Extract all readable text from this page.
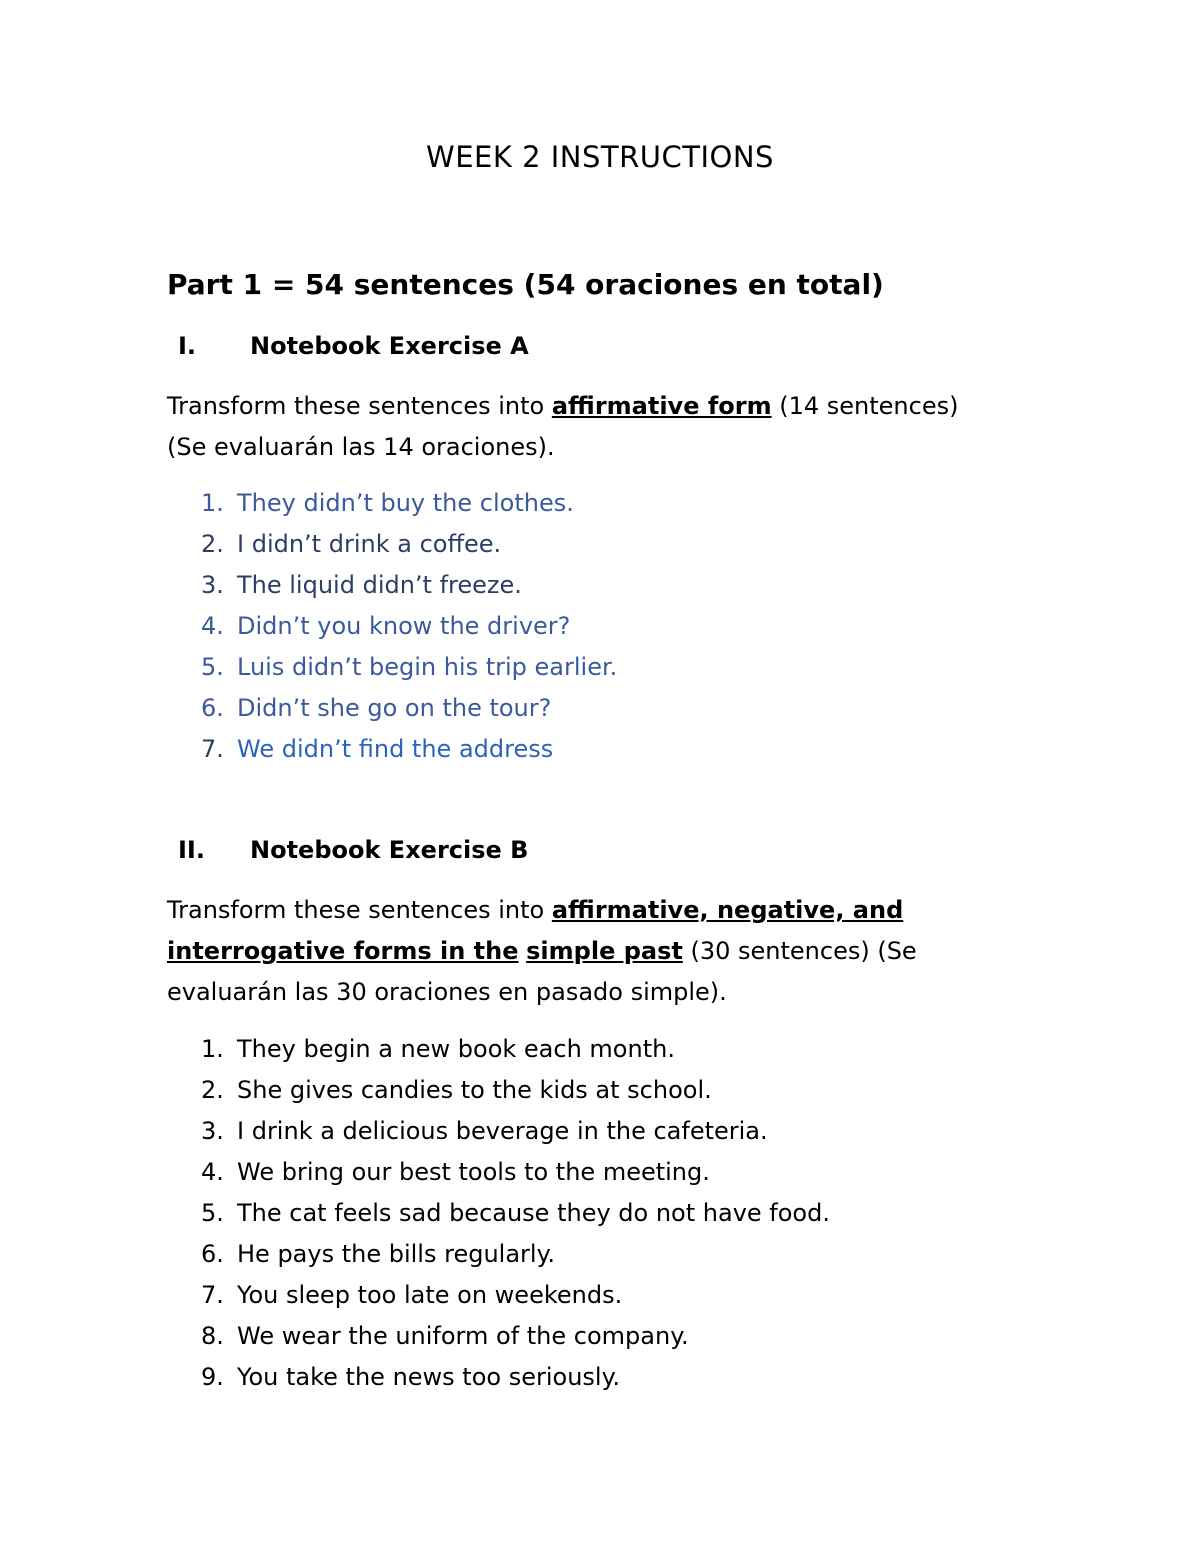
WEEK 2 INSTRUCTIONS
Part 1 = 54 sentences (54 oraciones en total)
I. Notebook Exercise A
Transform these sentences into affirmative form (14 sentences)
(Se evaluarán las 14 oraciones).
1. They didn’t buy the clothes.
2. I didn’t drink a coffee.
3. The liquid didn’t freeze.
4. Didn’t you know the driver?
5. Luis didn’t begin his trip earlier.
6. Didn’t she go on the tour?
7. We didn’t find the address
II. Notebook Exercise B
Transform these sentences into affirmative, negative, and interrogative forms in the simple past (30 sentences) (Se evaluarán las 30 oraciones en pasado simple).
1. They begin a new book each month.
2. She gives candies to the kids at school.
3. I drink a delicious beverage in the cafeteria.
4. We bring our best tools to the meeting.
5. The cat feels sad because they do not have food.
6. He pays the bills regularly.
7. You sleep too late on weekends.
8. We wear the uniform of the company.
9. You take the news too seriously.
